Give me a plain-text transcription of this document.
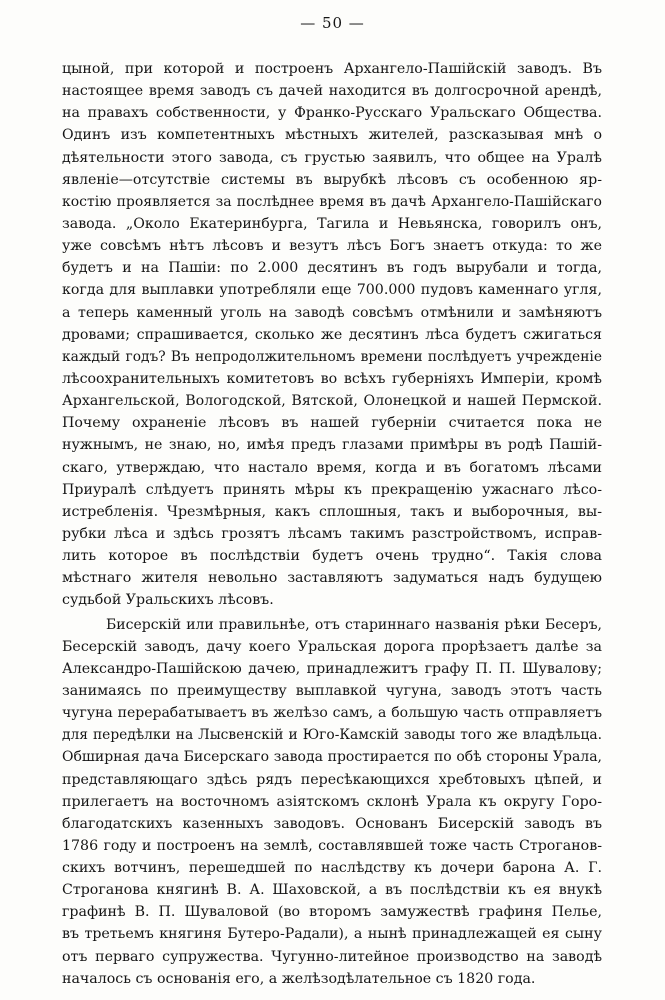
— 50 —
цыной, при которой и построенъ Архангело-Пашійскій заводъ. Въ
настоящее время заводъ съ дачей находится въ долгосрочной арендѣ,
на правахъ собственности, у Франко-Русскаго Уральскаго Общества.
Одинъ изъ компетентныхъ мѣстныхъ жителей, разсказывая мнѣ о
дѣятельности этого завода, съ грустью заявилъ, что общее на Уралѣ
явленіе—отсутствіе системы въ вырубкѣ лѣсовъ съ особенною яр-
костію проявляется за послѣднее время въ дачѣ Архангело-Пашійскаго
завода. „Около Екатеринбурга, Тагила и Невьянска, говорилъ онъ,
уже совсѣмъ нѣтъ лѣсовъ и везутъ лѣсъ Богъ знаетъ откуда: то же
будетъ и на Пашіи: по 2.000 десятинъ въ годъ вырубали и тогда,
когда для выплавки употребляли еще 700.000 пудовъ каменнаго угля,
а теперь каменный уголь на заводѣ совсѣмъ отмѣнили и замѣняютъ
дровами; спрашивается, сколько же десятинъ лѣса будетъ сжигаться
каждый годъ? Въ непродолжительномъ времени послѣдуетъ учрежденіе
лѣсоохранительныхъ комитетовъ во всѣхъ губерніяхъ Имперіи, кромѣ
Архангельской, Вологодской, Вятской, Олонецкой и нашей Пермской.
Почему охраненіе лѣсовъ въ нашей губерніи считается пока не
нужнымъ, не знаю, но, имѣя предъ глазами примѣры въ родѣ Пашій-
скаго, утверждаю, что настало время, когда и въ богатомъ лѣсами
Приуралѣ слѣдуетъ принять мѣры къ прекращенію ужаснаго лѣсо-
истребленія. Чрезмѣрныя, какъ сплошныя, такъ и выборочныя, вы-
рубки лѣса и здѣсь грозятъ лѣсамъ такимъ разстройствомъ, исправ-
лить которое въ послѣдствіи будетъ очень трудно“. Такія слова
мѣстнаго жителя невольно заставляютъ задуматься надъ будущею
судьбой Уральскихъ лѣсовъ.
Бисерскій или правильнѣе, отъ стариннаго названія рѣки Бесеръ,
Бесерскій заводъ, дачу коего Уральская дорога прорѣзаетъ далѣе за
Александро-Пашійскою дачею, принадлежитъ графу П. П. Шувалову;
занимаясь по преимуществу выплавкой чугуна, заводъ этотъ часть
чугуна перерабатываетъ въ желѣзо самъ, а большую часть отправляетъ
для передѣлки на Лысвенскій и Юго-Камскій заводы того же владѣльца.
Обширная дача Бисерскаго завода простирается по обѣ стороны Урала,
представляющаго здѣсь рядъ пересѣкающихся хребтовыхъ цѣпей, и
прилегаетъ на восточномъ азіятскомъ склонѣ Урала къ округу Горо-
благодатскихъ казенныхъ заводовъ. Основанъ Бисерскій заводъ въ
1786 году и построенъ на землѣ, составлявшей тоже часть Строганов-
скихъ вотчинъ, перешедшей по наслѣдству къ дочери барона А. Г.
Строганова княгинѣ В. А. Шаховской, а въ послѣдствіи къ ея внукѣ
графинѣ В. П. Шуваловой (во второмъ замужествѣ графиня Пелье,
въ третьемъ княгиня Бутеро-Радали), а нынѣ принадлежащей ея сыну
отъ перваго супружества. Чугунно-литейное производство на заводѣ
началось съ основанія его, а желѣзодѣлательное съ 1820 года.
